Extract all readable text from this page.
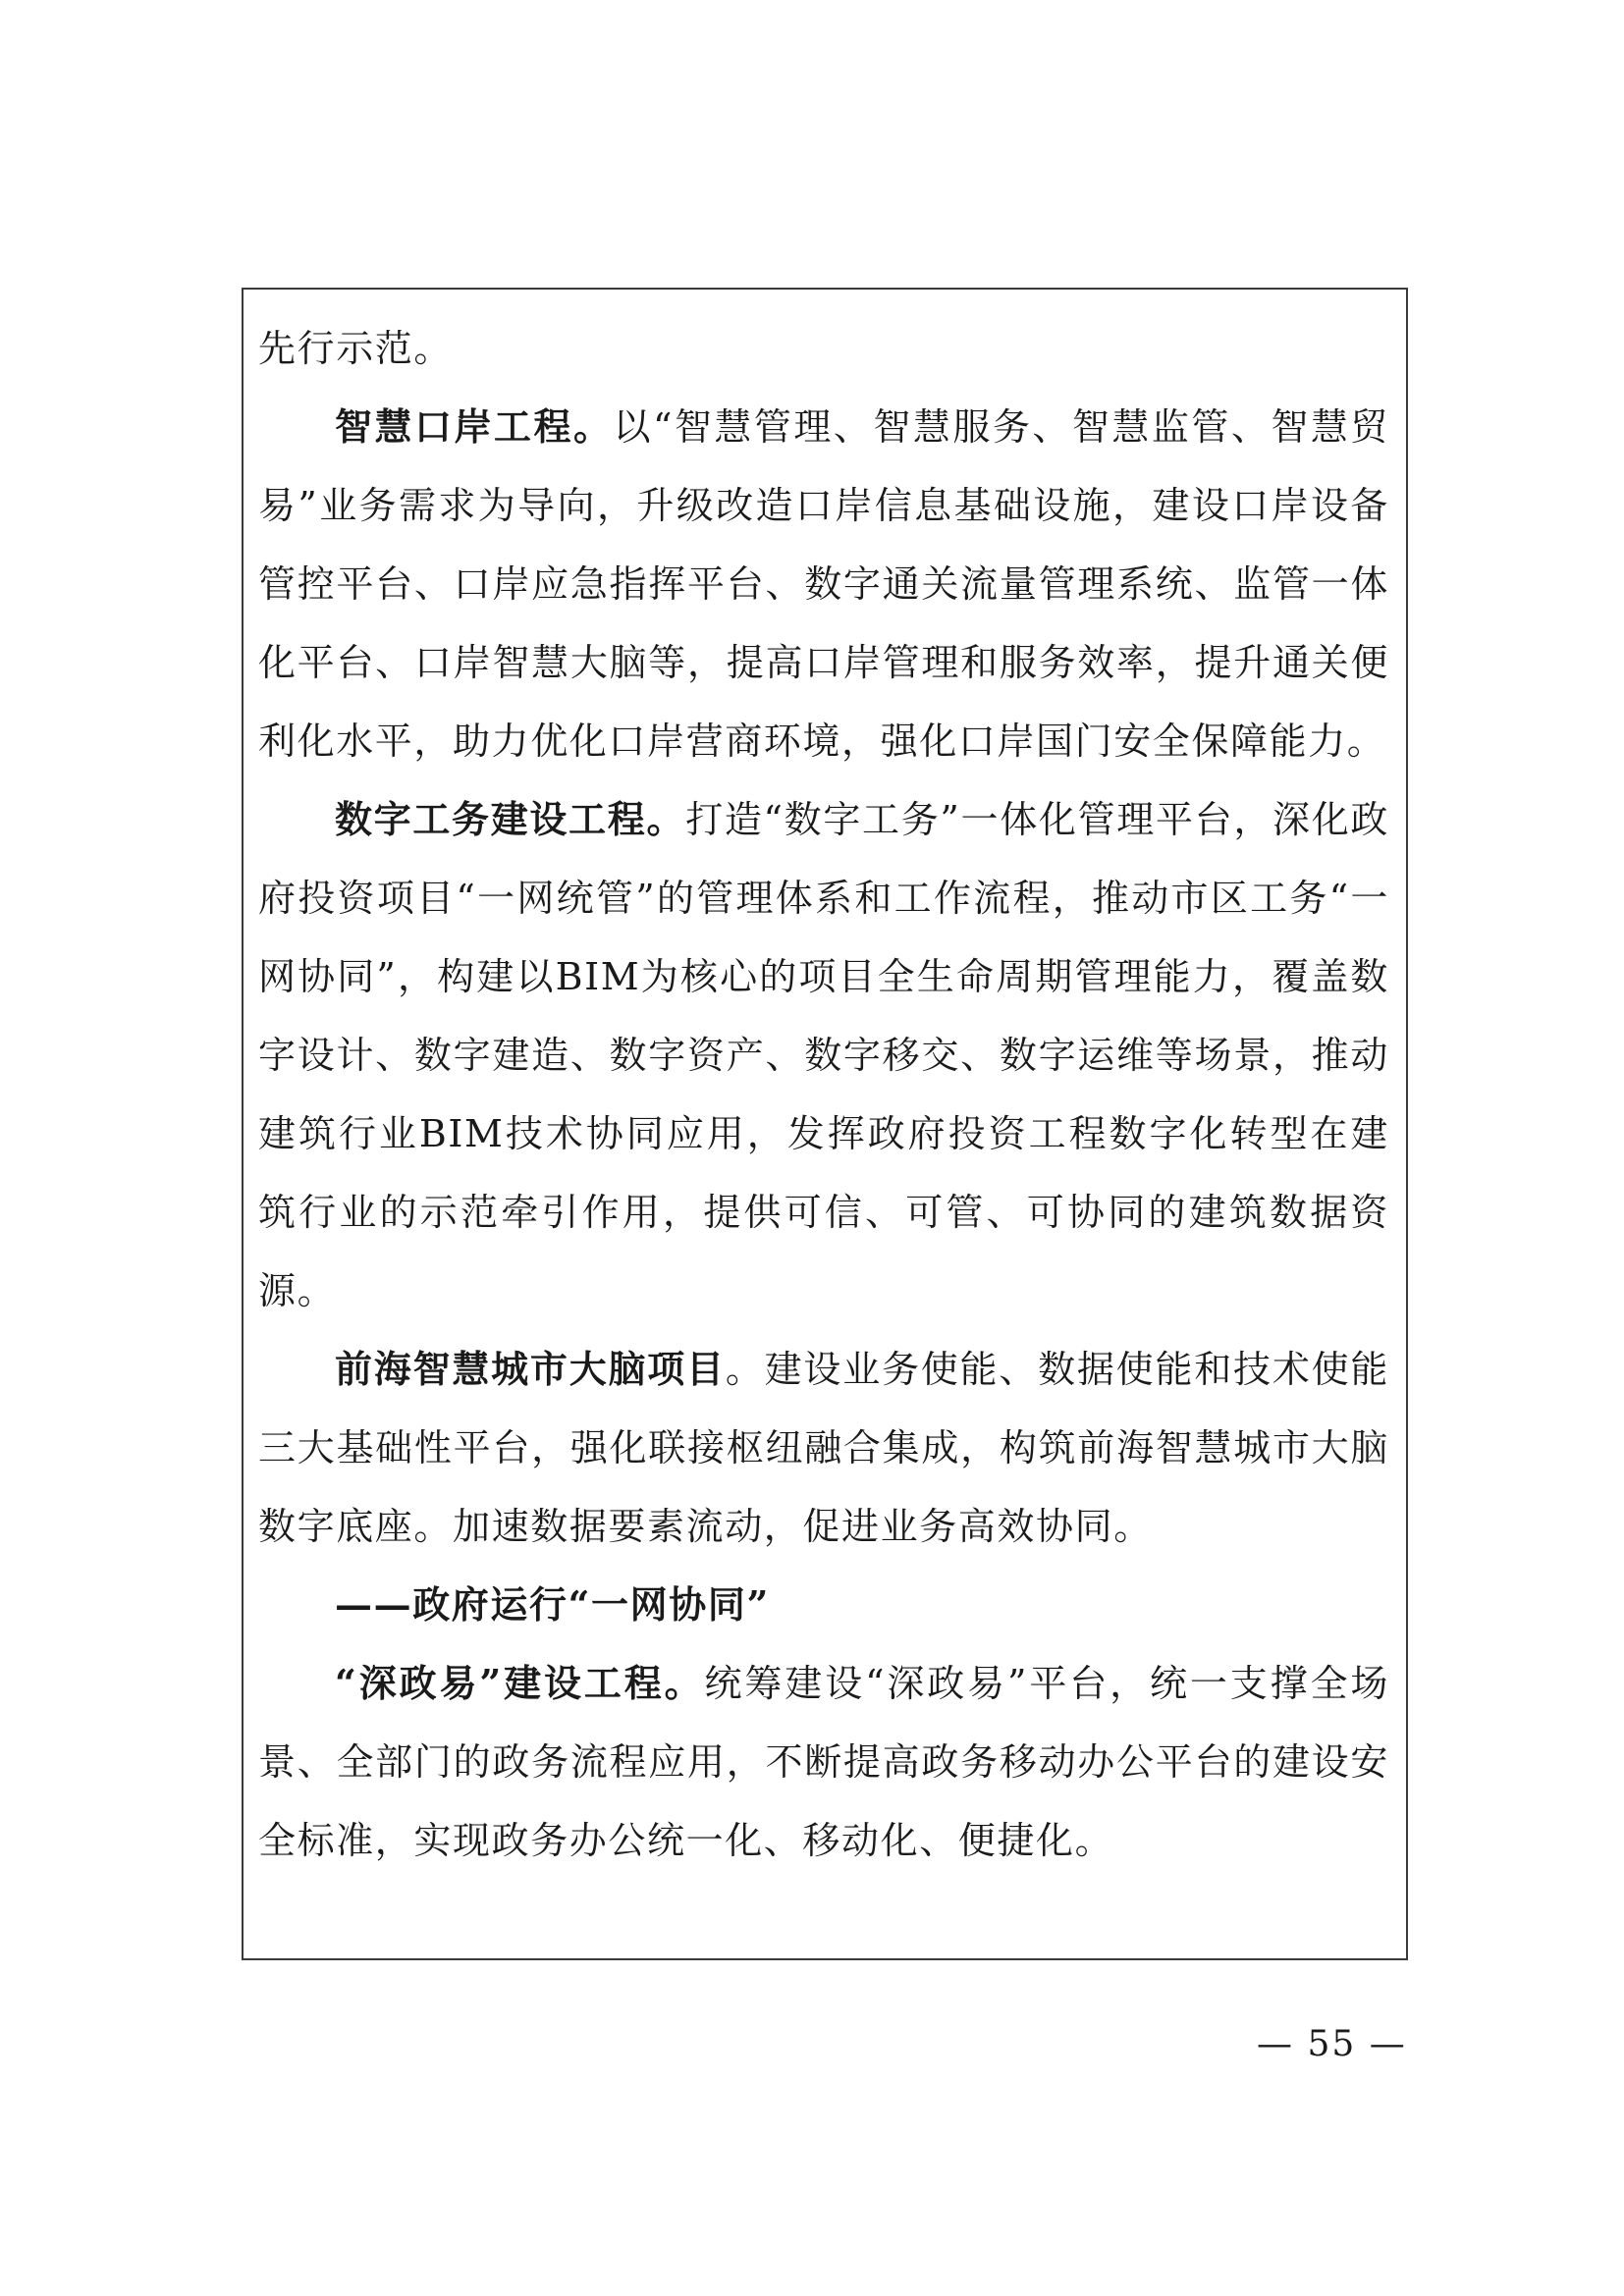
先行示范。

智慧口岸工程。以“智慧管理、智慧服务、智慧监管、智慧贸易”业务需求为导向，升级改造口岸信息基础设施，建设口岸设备管控平台、口岸应急指挥平台、数字通关流量管理系统、监管一体化平台、口岸智慧大脑等，提高口岸管理和服务效率，提升通关便利化水平，助力优化口岸营商环境，强化口岸国门安全保障能力。

数字工务建设工程。打造“数字工务”一体化管理平台，深化政府投资项目“一网统管”的管理体系和工作流程，推动市区工务“一网协同”，构建以BIM为核心的项目全生命周期管理能力，覆盖数字设计、数字建造、数字资产、数字移交、数字运维等场景，推动建筑行业BIM技术协同应用，发挥政府投资工程数字化转型在建筑行业的示范牵引作用，提供可信、可管、可协同的建筑数据资源。

前海智慧城市大脑项目。建设业务使能、数据使能和技术使能三大基础性平台，强化联接枢纽融合集成，构筑前海智慧城市大脑数字底座。加速数据要素流动，促进业务高效协同。

——政府运行“一网协同”

“深政易”建设工程。统筹建设“深政易”平台，统一支撑全场景、全部门的政务流程应用，不断提高政务移动办公平台的建设安全标准，实现政务办公统一化、移动化、便捷化。

— 55 —
